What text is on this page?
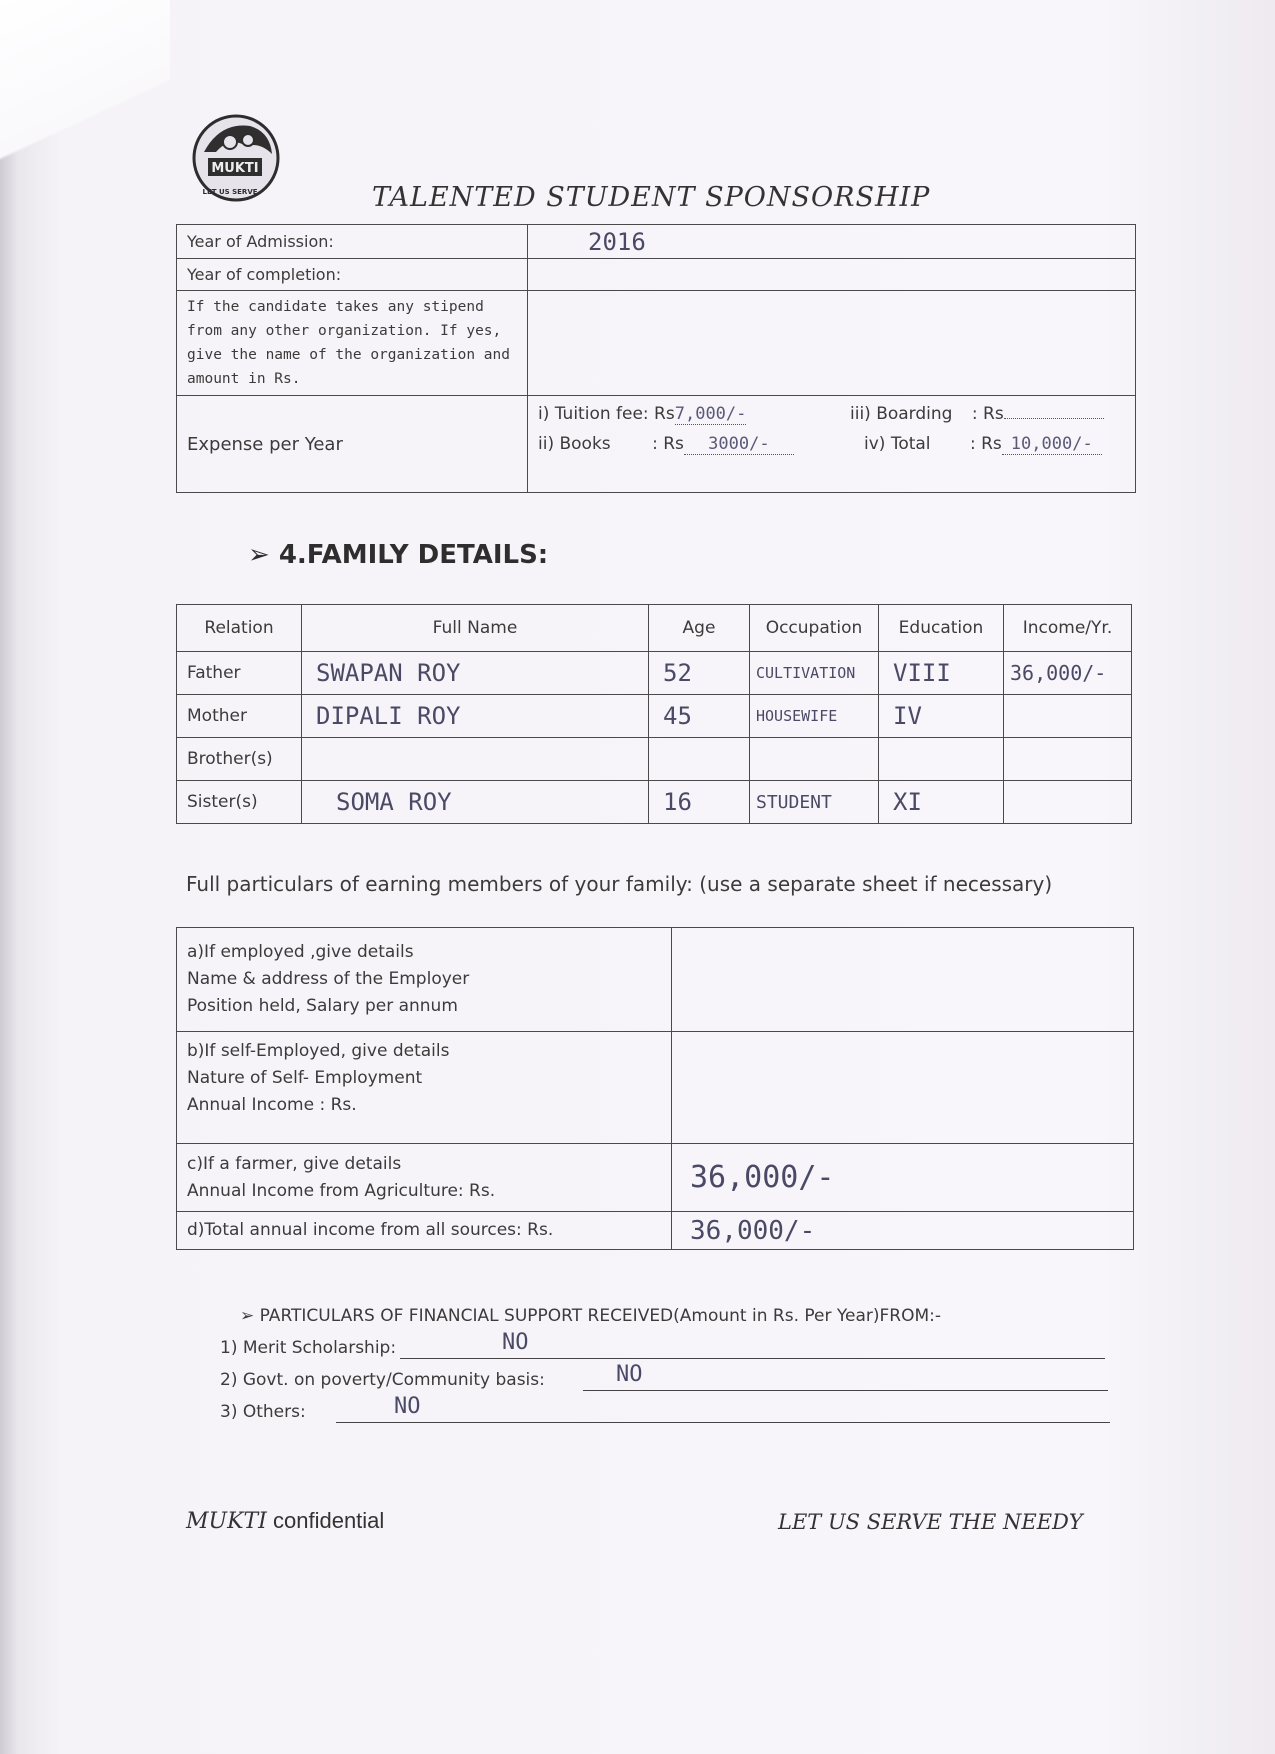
MUKTI
LET US SERVE	TALENTED STUDENT SPONSORSHIP
Year of Admission:	2016
Year of completion:	
If the candidate takes any stipend from any other organization. If yes, give the name of the organization and amount in Rs.	
Expense per Year	i) Tuition fee: Rs7,000/-
ii) Books : Rs 3000/-
iii) Boarding : Rs
iv) Total : Rs 10,000/-
➢ 4.FAMILY DETAILS:
Relation	Full Name	Age	Occupation	Education	Income/Yr.
Father	SWAPAN ROY	52	CULTIVATION	VIII	36,000/-
Mother	DIPALI ROY	45	HOUSEWIFE	IV	
Brother(s)					
Sister(s)	SOMA ROY	16	STUDENT	XI	
Full particulars of earning members of your family: (use a separate sheet if necessary)
a)If employed ,give details
Name & address of the Employer
Position held, Salary per annum	

b)If self-Employed, give details
Nature of Self- Employment
Annual Income : Rs.	

c)If a farmer, give details
Annual Income from Agriculture: Rs.	36,000/-
d)Total annual income from all sources: Rs.	36,000/-
➢ PARTICULARS OF FINANCIAL SUPPORT RECEIVED(Amount in Rs. Per Year)FROM:-
1) Merit Scholarship:	NO
2) Govt. on poverty/Community basis:	NO
3) Others:	NO
MUKTI confidential	LET US SERVE THE NEEDY
